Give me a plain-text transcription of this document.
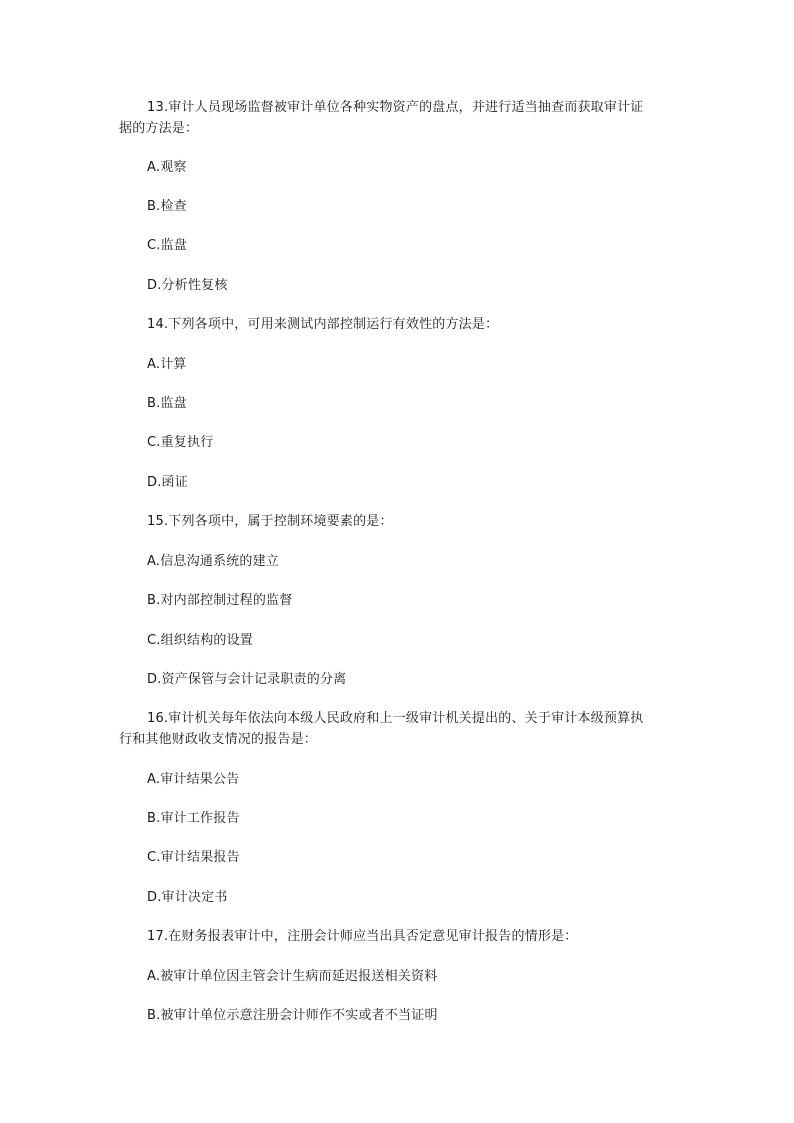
13.审计人员现场监督被审计单位各种实物资产的盘点，并进行适当抽查而获取审计证
据的方法是：
A.观察
B.检查
C.监盘
D.分析性复核
14.下列各项中，可用来测试内部控制运行有效性的方法是：
A.计算
B.监盘
C.重复执行
D.函证
15.下列各项中，属于控制环境要素的是：
A.信息沟通系统的建立
B.对内部控制过程的监督
C.组织结构的设置
D.资产保管与会计记录职责的分离
16.审计机关每年依法向本级人民政府和上一级审计机关提出的、关于审计本级预算执
行和其他财政收支情况的报告是：
A.审计结果公告
B.审计工作报告
C.审计结果报告
D.审计决定书
17.在财务报表审计中，注册会计师应当出具否定意见审计报告的情形是：
A.被审计单位因主管会计生病而延迟报送相关资料
B.被审计单位示意注册会计师作不实或者不当证明
